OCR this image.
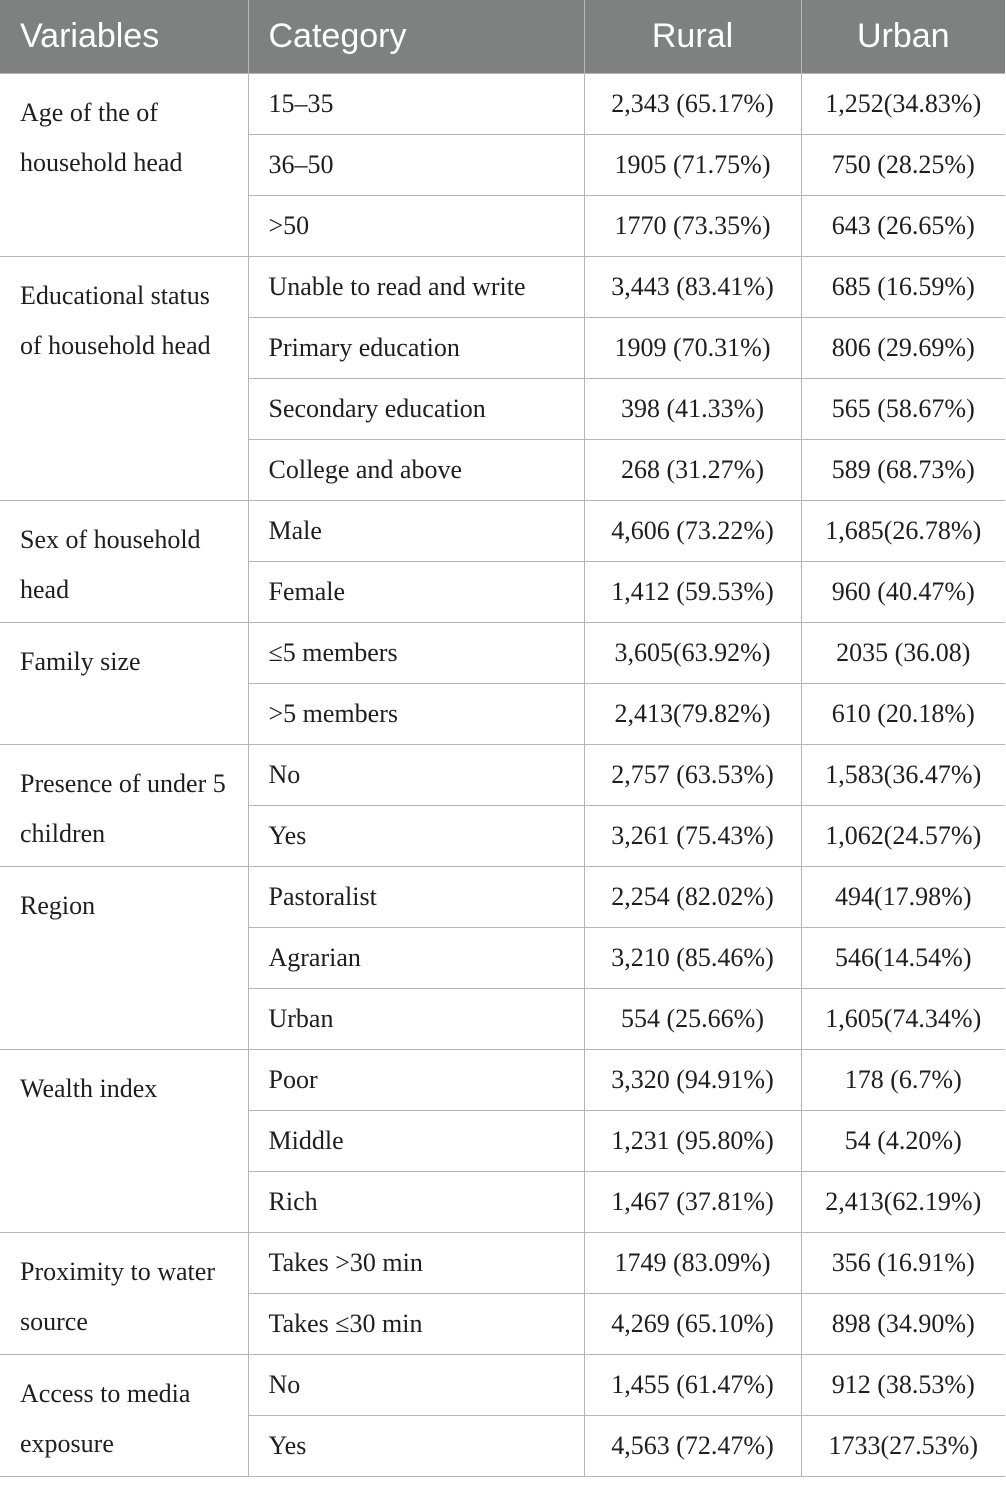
Variables	Category	Rural	Urban
Age of the of household head	15–35	2,343 (65.17%)	1,252(34.83%)
	36–50	1905 (71.75%)	750 (28.25%)
	>50	1770 (73.35%)	643 (26.65%)
Educational status of household head	Unable to read and write	3,443 (83.41%)	685 (16.59%)
	Primary education	1909 (70.31%)	806 (29.69%)
	Secondary education	398 (41.33%)	565 (58.67%)
	College and above	268 (31.27%)	589 (68.73%)
Sex of household head	Male	4,606 (73.22%)	1,685(26.78%)
	Female	1,412 (59.53%)	960 (40.47%)
Family size	≤5 members	3,605(63.92%)	2035 (36.08)
	>5 members	2,413(79.82%)	610 (20.18%)
Presence of under 5 children	No	2,757 (63.53%)	1,583(36.47%)
	Yes	3,261 (75.43%)	1,062(24.57%)
Region	Pastoralist	2,254 (82.02%)	494(17.98%)
	Agrarian	3,210 (85.46%)	546(14.54%)
	Urban	554 (25.66%)	1,605(74.34%)
Wealth index	Poor	3,320 (94.91%)	178 (6.7%)
	Middle	1,231 (95.80%)	54 (4.20%)
	Rich	1,467 (37.81%)	2,413(62.19%)
Proximity to water source	Takes >30 min	1749 (83.09%)	356 (16.91%)
	Takes ≤30 min	4,269 (65.10%)	898 (34.90%)
Access to media exposure	No	1,455 (61.47%)	912 (38.53%)
	Yes	4,563 (72.47%)	1733(27.53%)
